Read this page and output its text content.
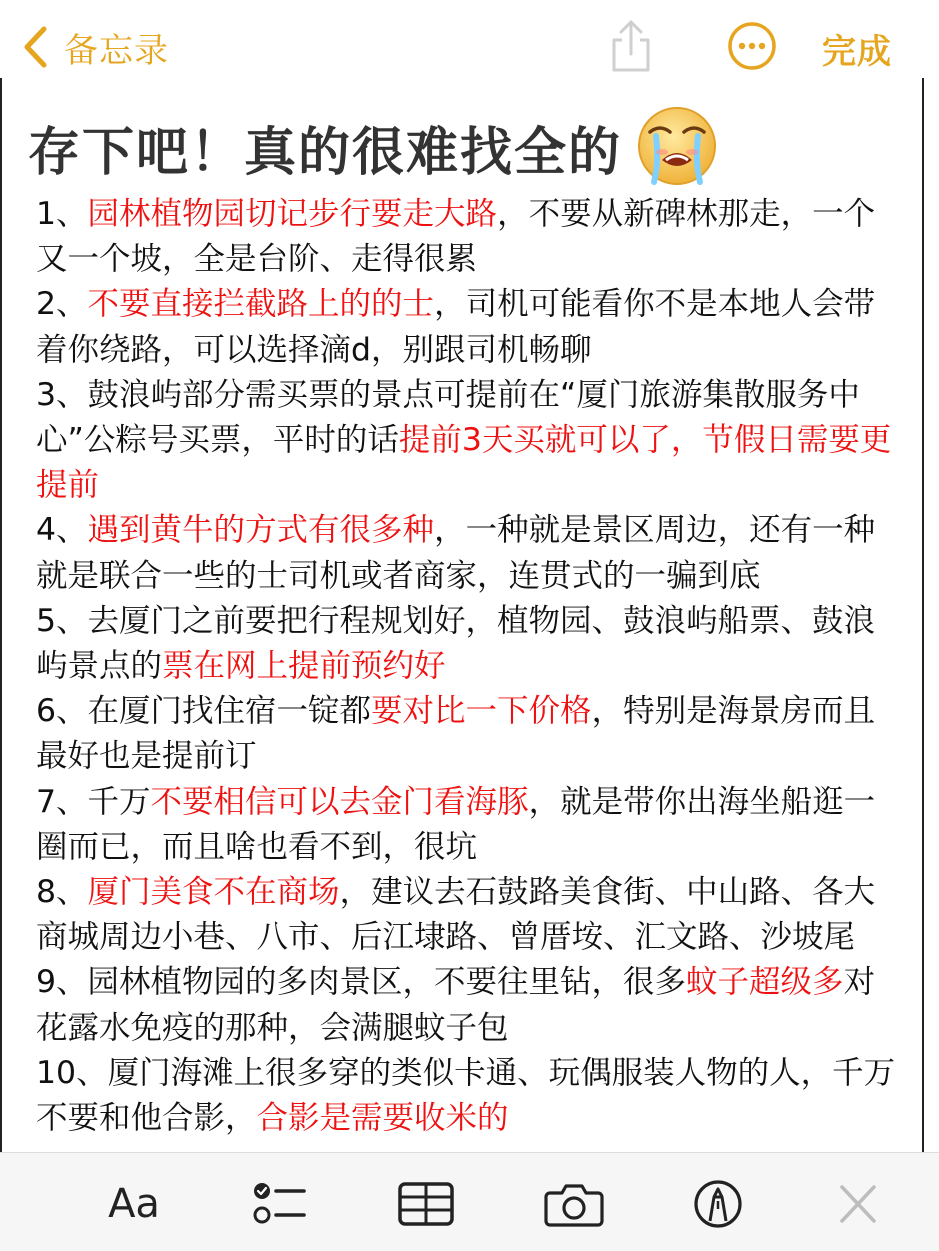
备忘录	完成
存下吧！真的很难找全的

1、园林植物园切记步行要走大路，不要从新碑林那走，一个又一个坡，全是台阶、走得很累

2、不要直接拦截路上的的士，司机可能看你不是本地人会带着你绕路，可以选择滴d，别跟司机畅聊

3、鼓浪屿部分需买票的景点可提前在“厦门旅游集散服务中心”公粽号买票，平时的话提前3天买就可以了，节假日需要更提前

4、遇到黄牛的方式有很多种，一种就是景区周边，还有一种就是联合一些的士司机或者商家，连贯式的一骗到底

5、去厦门之前要把行程规划好，植物园、鼓浪屿船票、鼓浪屿景点的票在网上提前预约好

6、在厦门找住宿一锭都要对比一下价格，特别是海景房而且最好也是提前订

7、千万不要相信可以去金门看海豚，就是带你出海坐船逛一圈而已，而且啥也看不到，很坑

8、厦门美食不在商场，建议去石鼓路美食街、中山路、各大商城周边小巷、八市、后江埭路、曾厝垵、汇文路、沙坡尾

9、园林植物园的多肉景区，不要往里钻，很多蚊子超级多对花露水免疫的那种，会满腿蚊子包

10、厦门海滩上很多穿的类似卡通、玩偶服装人物的人，千万不要和他合影，合影是需要收米的

Aa
